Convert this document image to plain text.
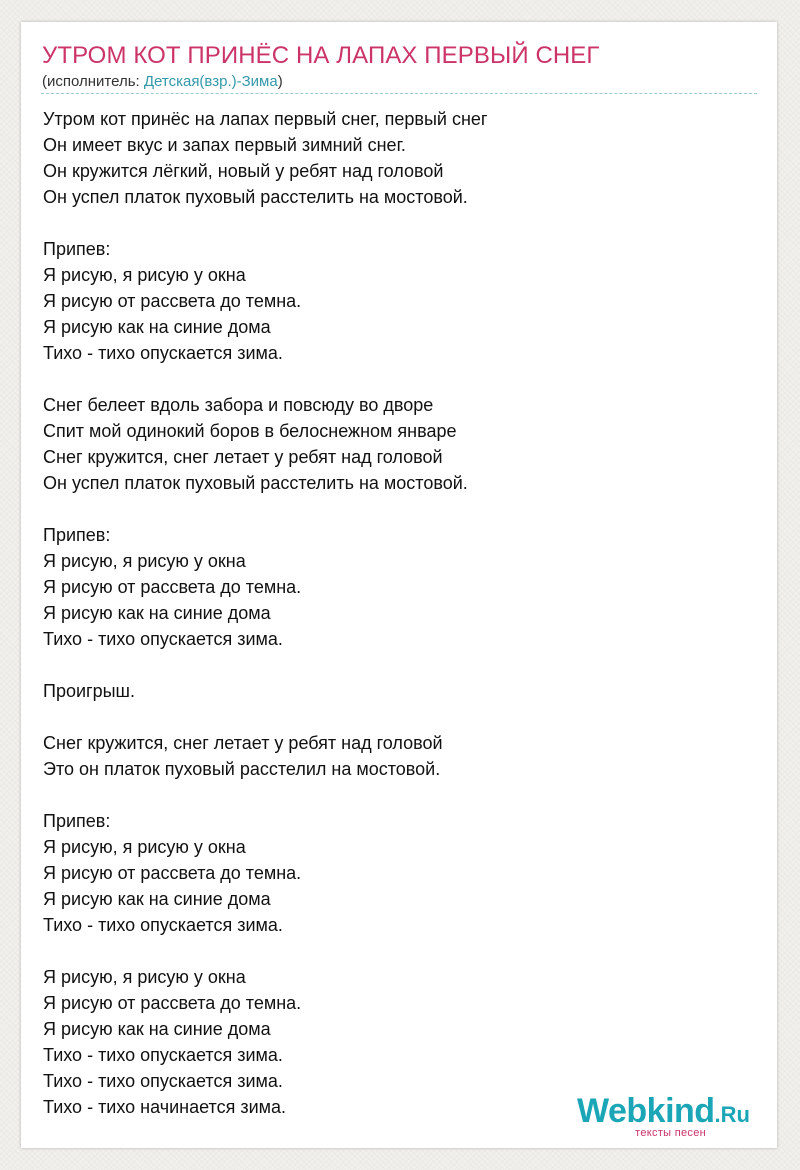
УТРОМ КОТ ПРИНЁС НА ЛАПАХ ПЕРВЫЙ СНЕГ
(исполнитель: Детская(взр.)-Зима)
Утром кот принёс на лапах первый снег, первый снег
Он имеет вкус и запах первый зимний снег.
Он кружится лёгкий, новый у ребят над головой
Он успел платок пуховый расстелить на мостовой.
Припев:
Я рисую, я рисую у окна
Я рисую от рассвета до темна.
Я рисую как на синие дома
Тихо - тихо опускается зима.
Снег белеет вдоль забора и повсюду во дворе
Спит мой одинокий боров в белоснежном январе
Снег кружится, снег летает у ребят над головой
Он успел платок пуховый расстелить на мостовой.
Припев:
Я рисую, я рисую у окна
Я рисую от рассвета до темна.
Я рисую как на синие дома
Тихо - тихо опускается зима.
Проигрыш.
Снег кружится, снег летает у ребят над головой
Это он платок пуховый расстелил на мостовой.
Припев:
Я рисую, я рисую у окна
Я рисую от рассвета до темна.
Я рисую как на синие дома
Тихо - тихо опускается зима.
Я рисую, я рисую у окна
Я рисую от рассвета до темна.
Я рисую как на синие дома
Тихо - тихо опускается зима.
Тихо - тихо опускается зима.
Тихо - тихо начинается зима.	Webkind.Ru
тексты песен
